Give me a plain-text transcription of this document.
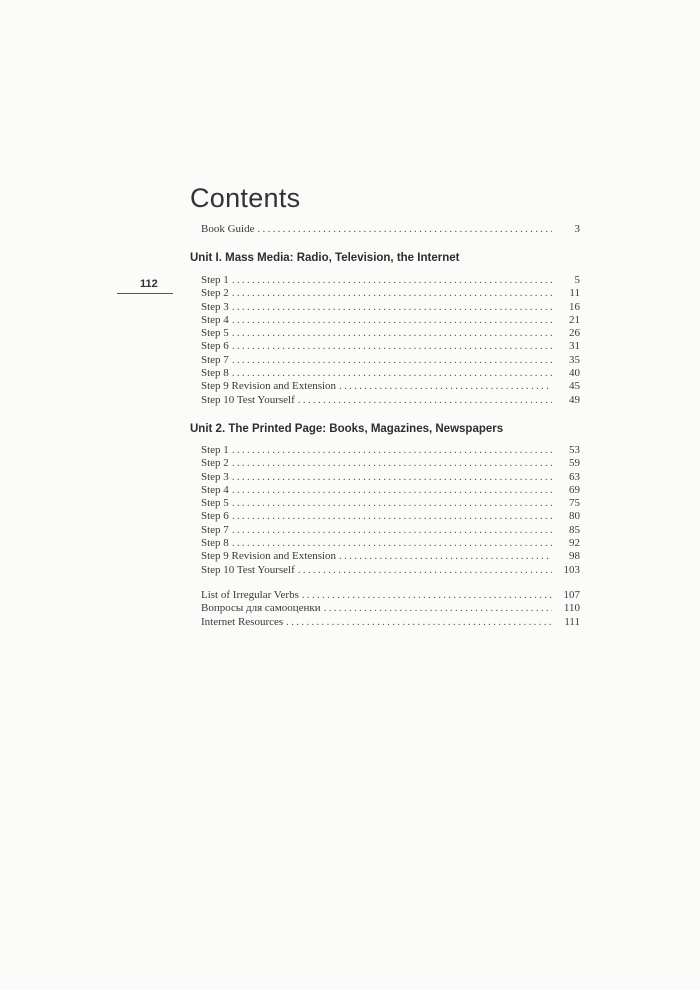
112
Contents
Book Guide .....	3
Unit I. Mass Media: Radio, Television, the Internet
Step 1 .....	5
Step 2 .....	11
Step 3 .....	16
Step 4 .....	21
Step 5 .....	26
Step 6 .....	31
Step 7 .....	35
Step 8 .....	40
Step 9 Revision and Extension .....	45
Step 10 Test Yourself .....	49
Unit 2. The Printed Page: Books, Magazines, Newspapers
Step 1 .....	53
Step 2 .....	59
Step 3 .....	63
Step 4 .....	69
Step 5 .....	75
Step 6 .....	80
Step 7 .....	85
Step 8 .....	92
Step 9 Revision and Extension .....	98
Step 10 Test Yourself .....	103
List of Irregular Verbs .....	107
Вопросы для самооценки .....	110
Internet Resources .....	111
